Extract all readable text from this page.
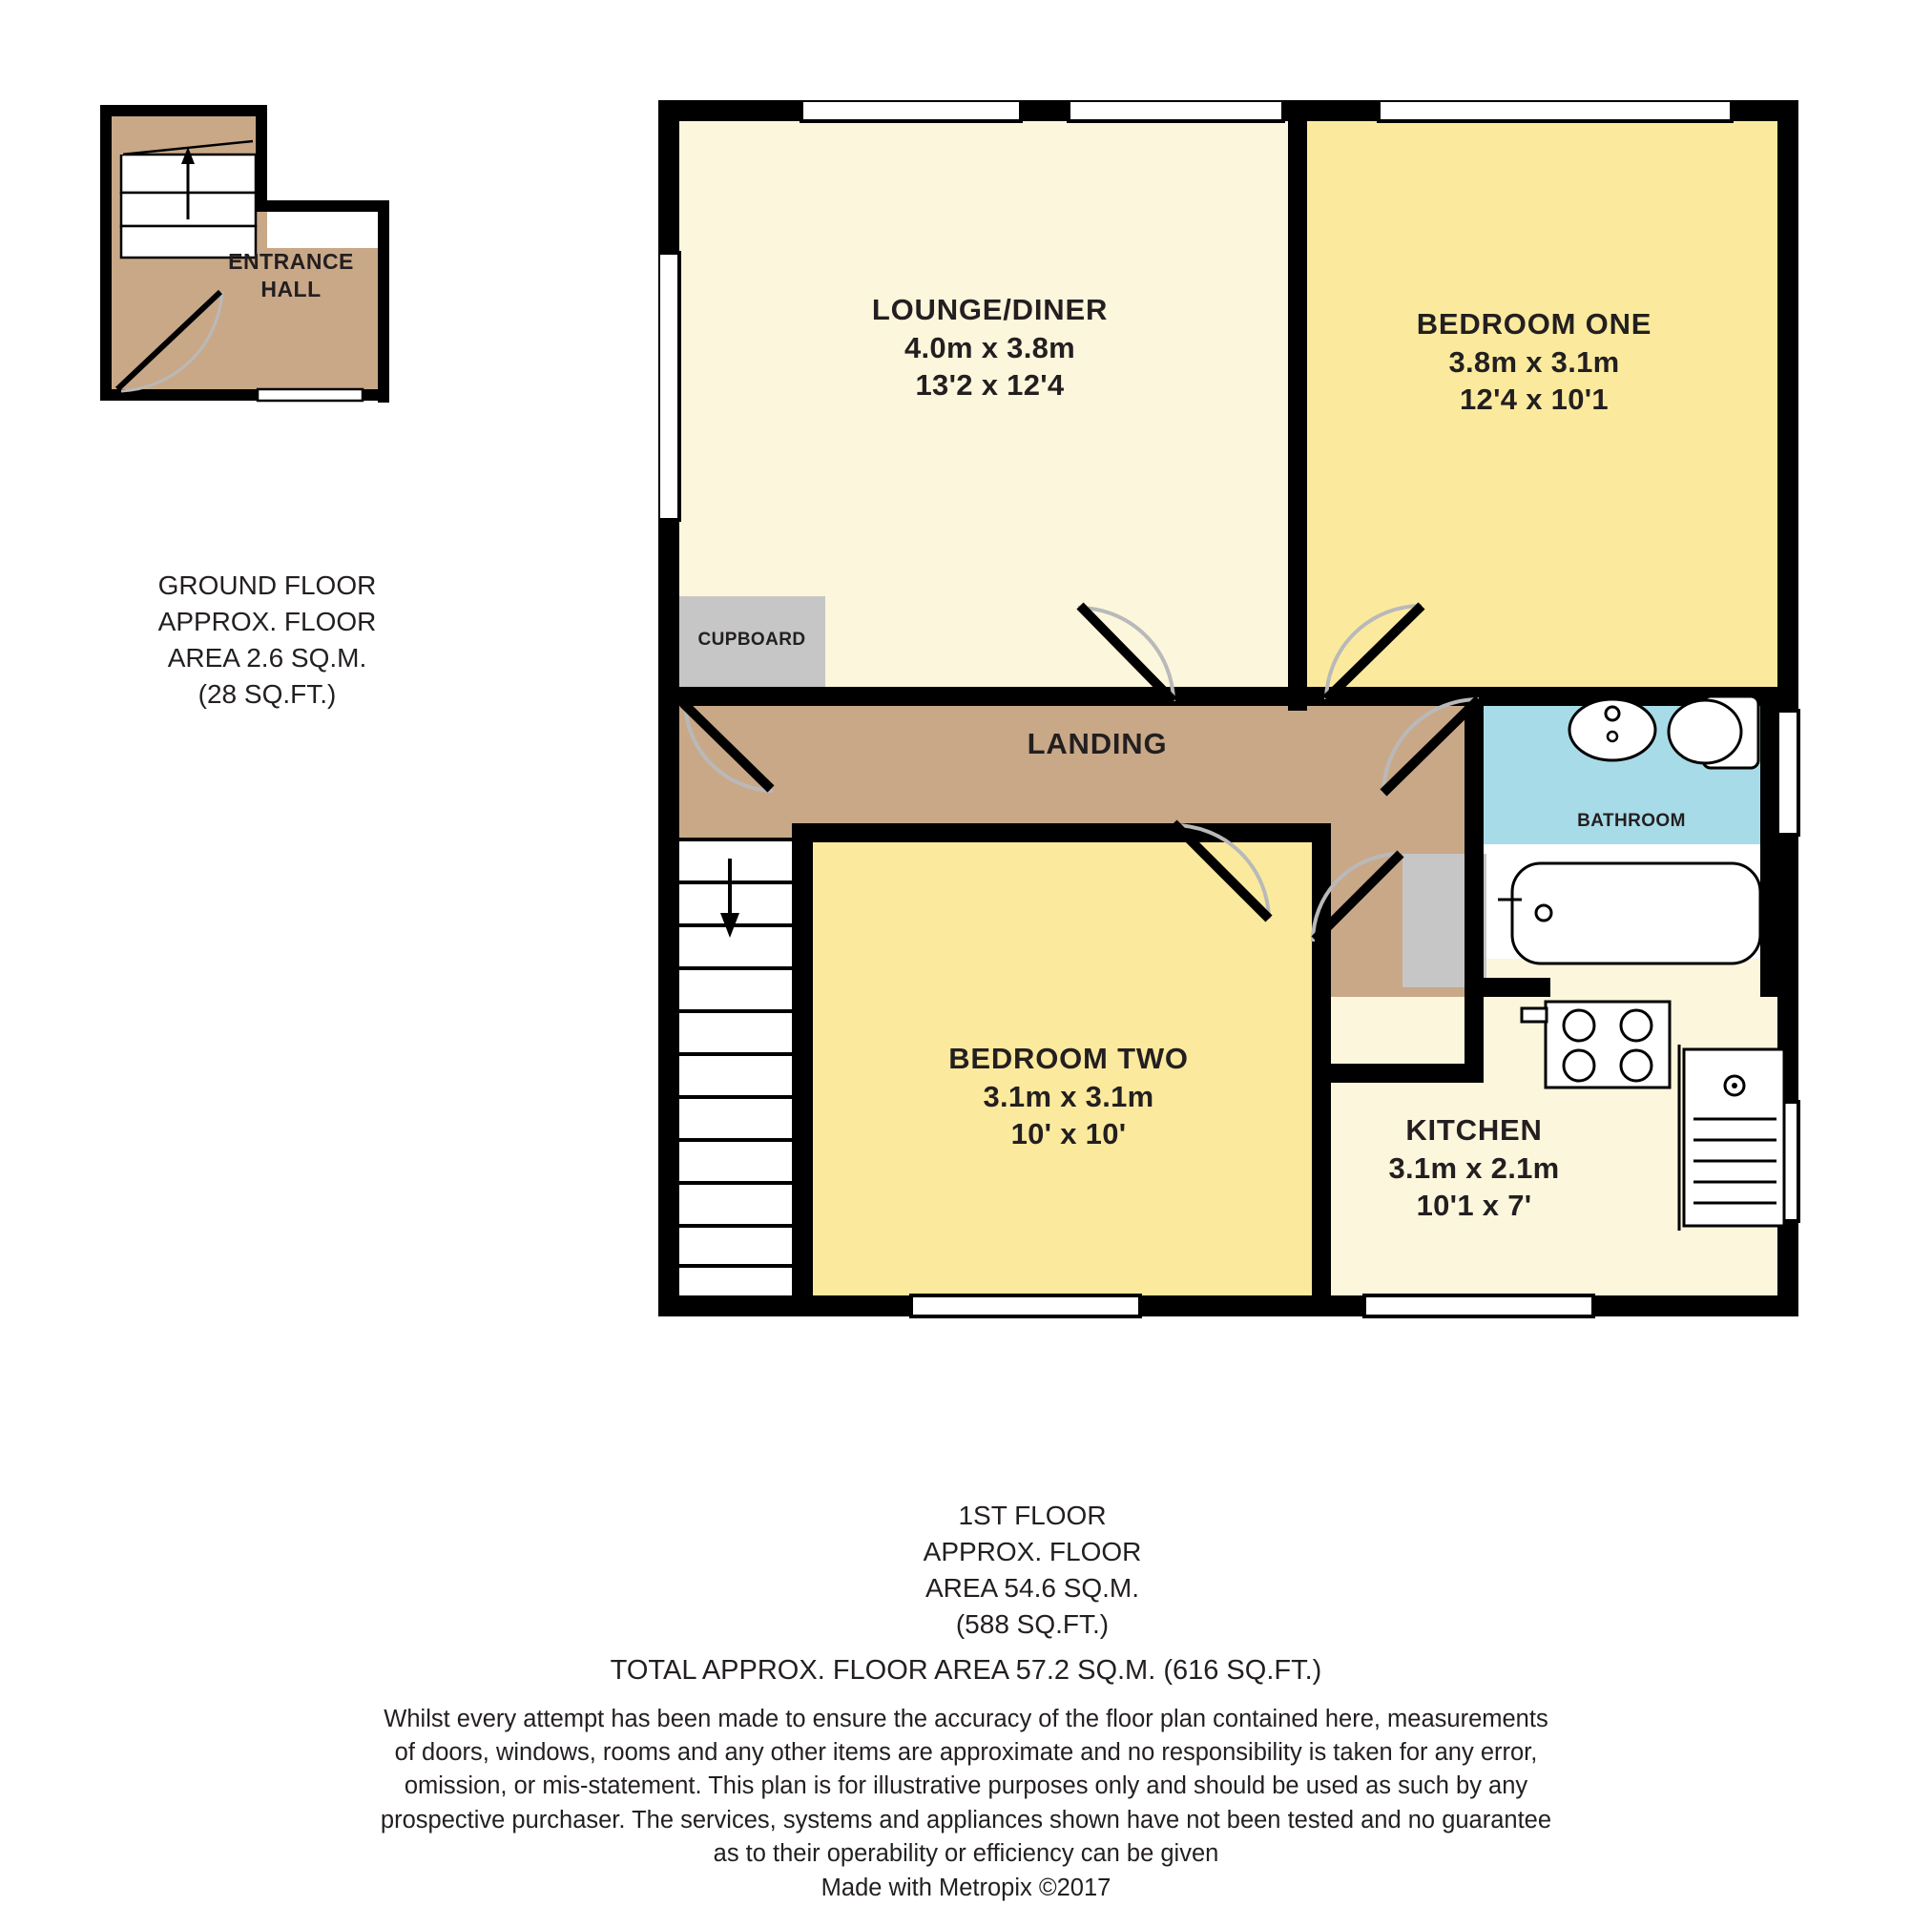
ENTRANCE
HALL
GROUND FLOOR
APPROX. FLOOR
AREA 2.6 SQ.M.
(28 SQ.FT.)
LOUNGE/DINER
4.0m x 3.8m
13'2 x 12'4
BEDROOM ONE
3.8m x 3.1m
12'4 x 10'1
BEDROOM TWO
3.1m x 3.1m
10' x 10'	KITCHEN
3.1m x 2.1m
10'1 x 7'
LANDING
BATHROOM
CUPBOARD
1ST FLOOR
APPROX. FLOOR
AREA 54.6 SQ.M.
(588 SQ.FT.)
TOTAL APPROX. FLOOR AREA 57.2 SQ.M. (616 SQ.FT.)
Whilst every attempt has been made to ensure the accuracy of the floor plan contained here, measurements
of doors, windows, rooms and any other items are approximate and no responsibility is taken for any error,
omission, or mis-statement. This plan is for illustrative purposes only and should be used as such by any
prospective purchaser. The services, systems and appliances shown have not been tested and no guarantee
as to their operability or efficiency can be given
Made with Metropix ©2017
